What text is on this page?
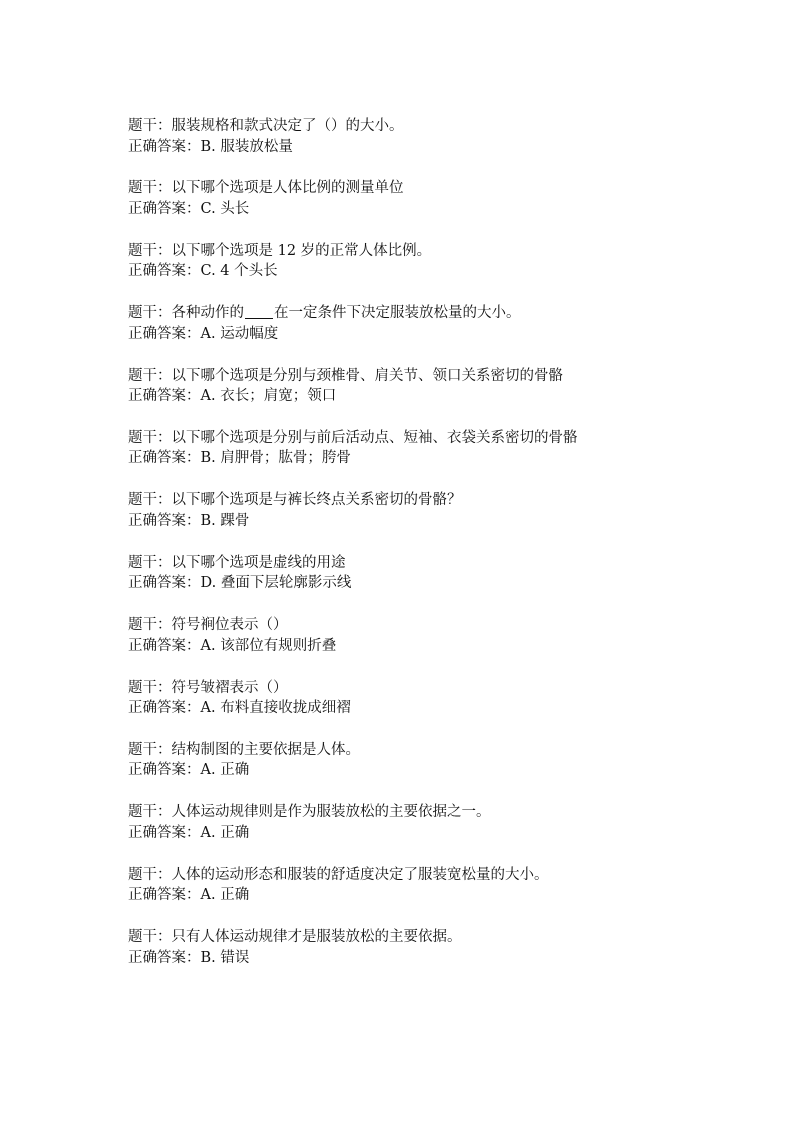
题干：服装规格和款式决定了（）的大小。
正确答案：B. 服装放松量
题干：以下哪个选项是人体比例的测量单位
正确答案：C. 头长
题干：以下哪个选项是 12 岁的正常人体比例。
正确答案：C. 4 个头长
题干：各种动作的 在一定条件下决定服装放松量的大小。
正确答案：A. 运动幅度
题干：以下哪个选项是分别与颈椎骨、肩关节、领口关系密切的骨骼
正确答案：A. 衣长；肩宽；领口
题干：以下哪个选项是分别与前后活动点、短袖、衣袋关系密切的骨骼
正确答案：B. 肩胛骨；肱骨；胯骨
题干：以下哪个选项是与裤长终点关系密切的骨骼？
正确答案：B. 踝骨
题干：以下哪个选项是虚线的用途
正确答案：D. 叠面下层轮廓影示线
题干：符号裥位表示（）
正确答案：A. 该部位有规则折叠
题干：符号皱褶表示（）
正确答案：A. 布料直接收拢成细褶
题干：结构制图的主要依据是人体。
正确答案：A. 正确
题干：人体运动规律则是作为服装放松的主要依据之一。
正确答案：A. 正确
题干：人体的运动形态和服装的舒适度决定了服装宽松量的大小。
正确答案：A. 正确
题干：只有人体运动规律才是服装放松的主要依据。
正确答案：B. 错误
